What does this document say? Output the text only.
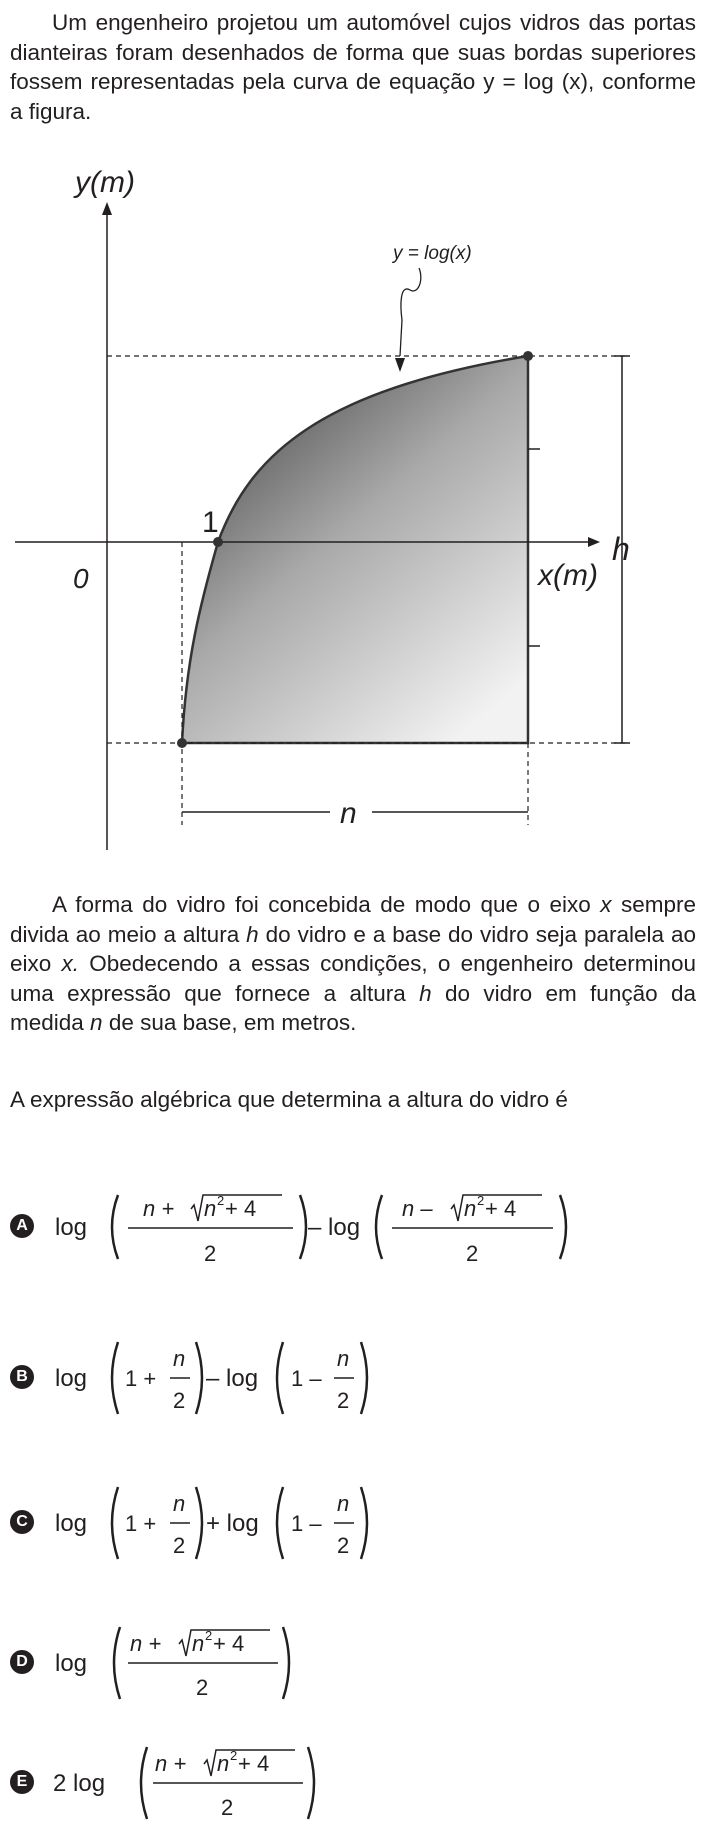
Um engenheiro projetou um automóvel cujos vidros das portas dianteiras foram desenhados de forma que suas bordas superiores fossem representadas pela curva de equação y = log (x), conforme a figura.
y(m)
x(m)
0
1
y = log(x)
h
n
A forma do vidro foi concebida de modo que o eixo x sempre divida ao meio a altura h do vidro e a base do vidro seja paralela ao eixo x. Obedecendo a essas condições, o engenheiro determinou uma expressão que fornece a altura h do vidro em função da medida n de sua base, em metros.
A expressão algébrica que determina a altura do vidro é
A log
n + n 2 + 4
2
– log
n – n 2 + 4
2
B log 1 +
n
2
– log 1 –
n
2
C log 1 +
n
2
+ log 1 –
n
2
D log
n + n 2 + 4
2
E 2 log
n + n 2 + 4
2
